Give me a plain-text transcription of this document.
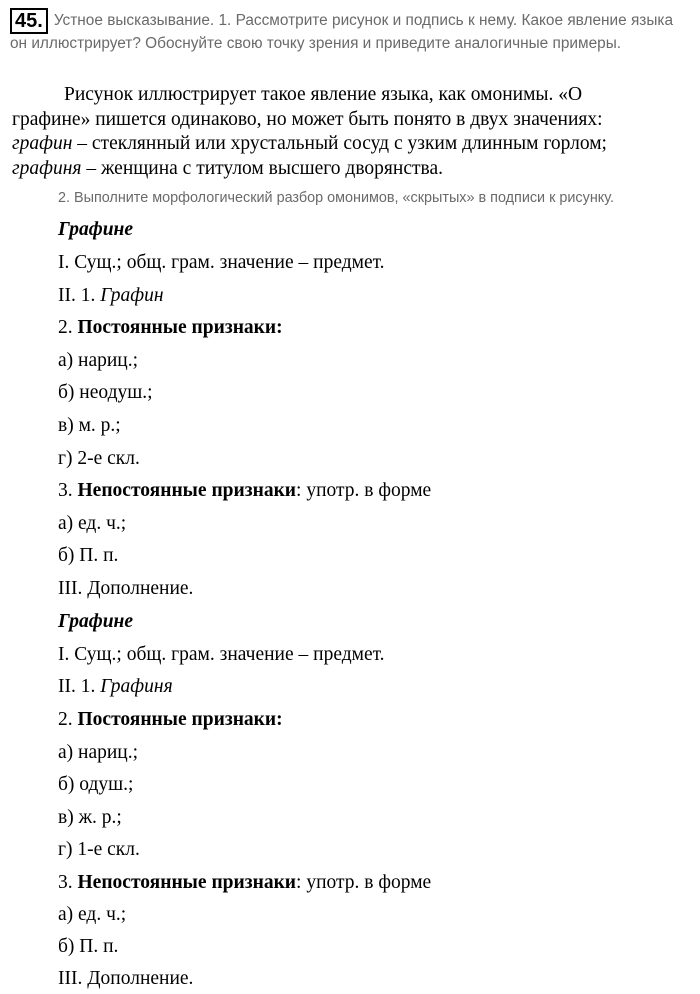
45. Устное высказывание. 1. Рассмотрите рисунок и подпись к нему. Какое явление языка он иллюстрирует? Обоснуйте свою точку зрения и приведите аналогичные примеры.
Рисунок иллюстрирует такое явление языка, как омонимы. «О
графине» пишется одинаково, но может быть понято в двух значениях:
графин – стеклянный или хрустальный сосуд с узким длинным горлом;
графиня – женщина с титулом высшего дворянства.
2. Выполните морфологический разбор омонимов, «скрытых» в подписи к рисунку.
Графине
I. Сущ.; общ. грам. значение – предмет.
II. 1. Графин
2. Постоянные признаки:
а) нариц.;
б) неодуш.;
в) м. р.;
г) 2-е скл.
3. Непостоянные признаки: употр. в форме
а) ед. ч.;
б) П. п.
III. Дополнение.
Графине
I. Сущ.; общ. грам. значение – предмет.
II. 1. Графиня
2. Постоянные признаки:
а) нариц.;
б) одуш.;
в) ж. р.;
г) 1-е скл.
3. Непостоянные признаки: употр. в форме
а) ед. ч.;
б) П. п.
III. Дополнение.
